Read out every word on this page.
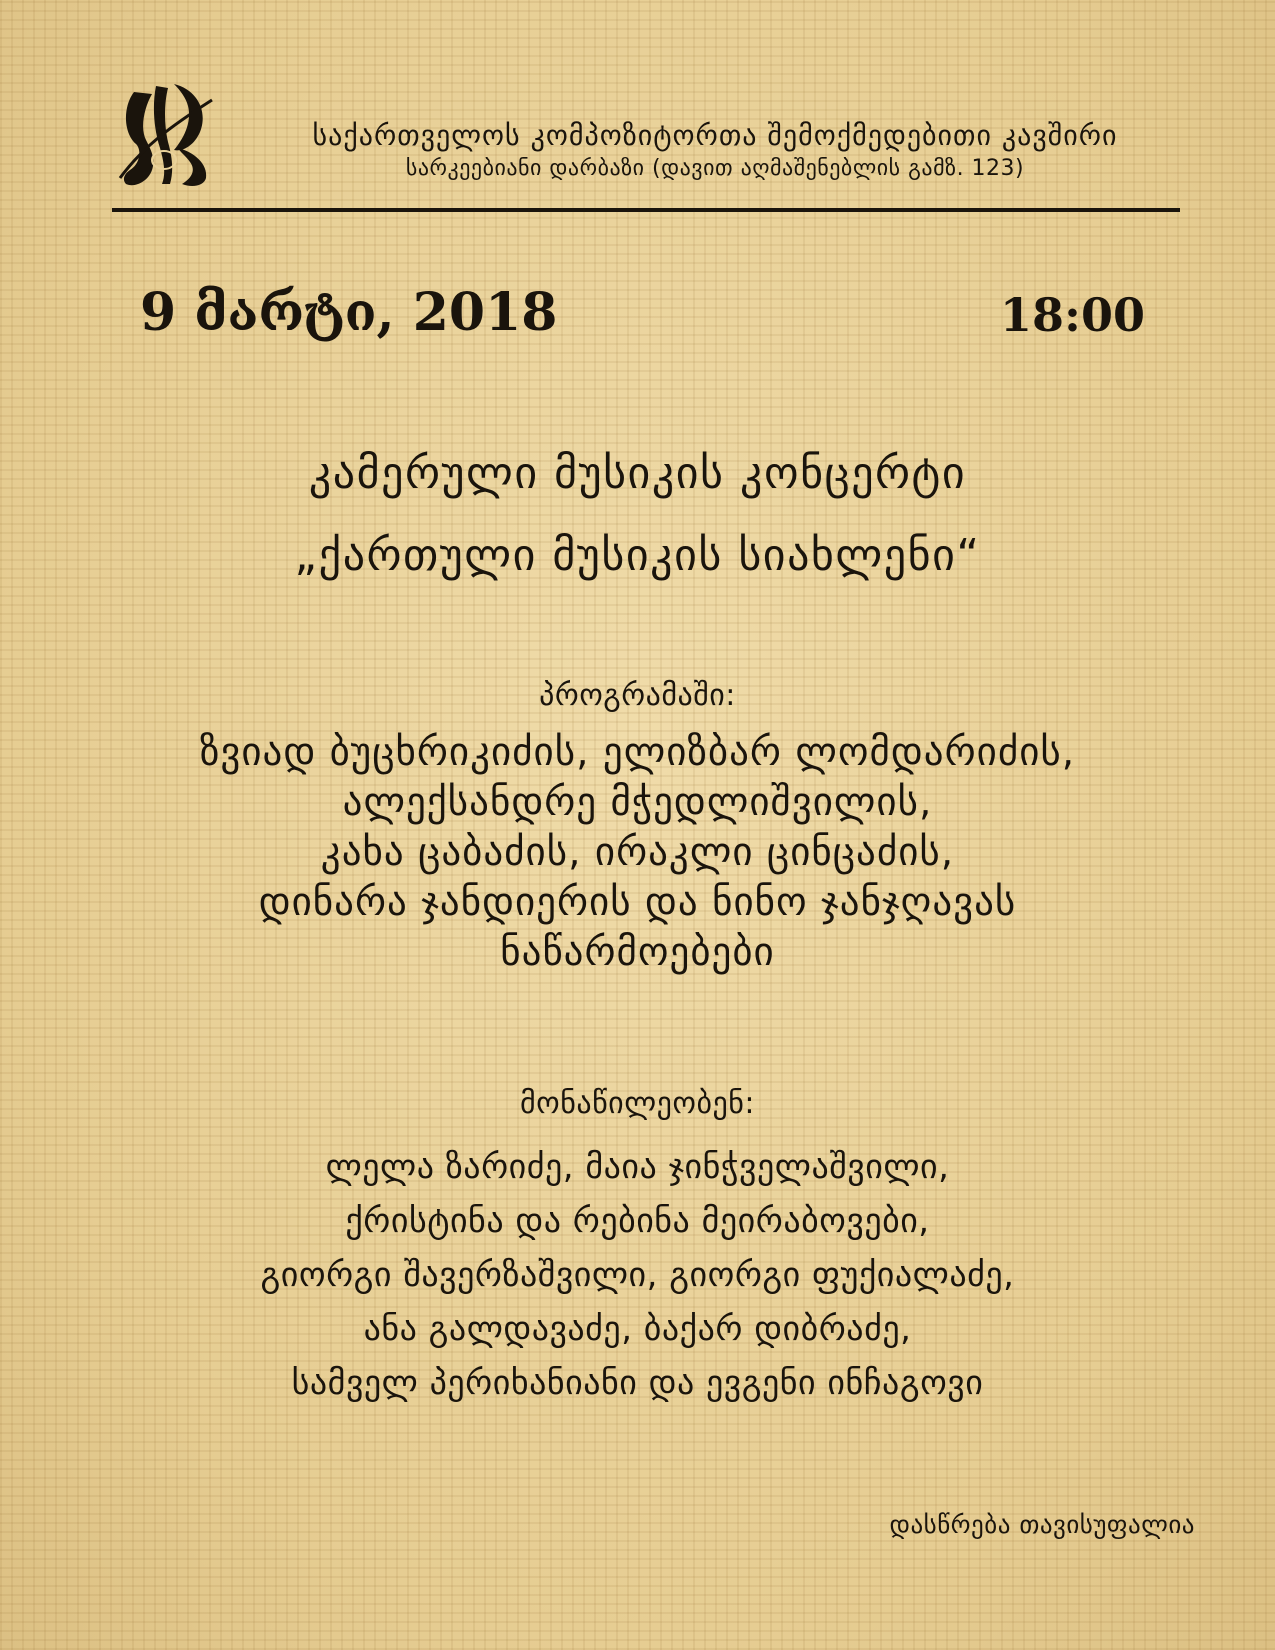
საქართველოს კომპოზიტორთა შემოქმედებითი კავშირი
სარკეებიანი დარბაზი (დავით აღმაშენებლის გამზ. 123)
9 მარტი, 2018	18:00
კამერული მუსიკის კონცერტი
„ქართული მუსიკის სიახლენი“
პროგრამაში:
ზვიად ბუცხრიკიძის, ელიზბარ ლომდარიძის,
ალექსანდრე მჭედლიშვილის,
კახა ცაბაძის, ირაკლი ცინცაძის,
დინარა ჯანდიერის და ნინო ჯანჯღავას
ნაწარმოებები
მონაწილეობენ:
ლელა ზარიძე, მაია ჯინჭველაშვილი,
ქრისტინა და რებინა მეირაბოვები,
გიორგი შავერზაშვილი, გიორგი ფუქიალაძე,
ანა გალდავაძე, ბაქარ დიბრაძე,
სამველ პერიხანიანი და ევგენი ინჩაგოვი
დასწრება თავისუფალია
